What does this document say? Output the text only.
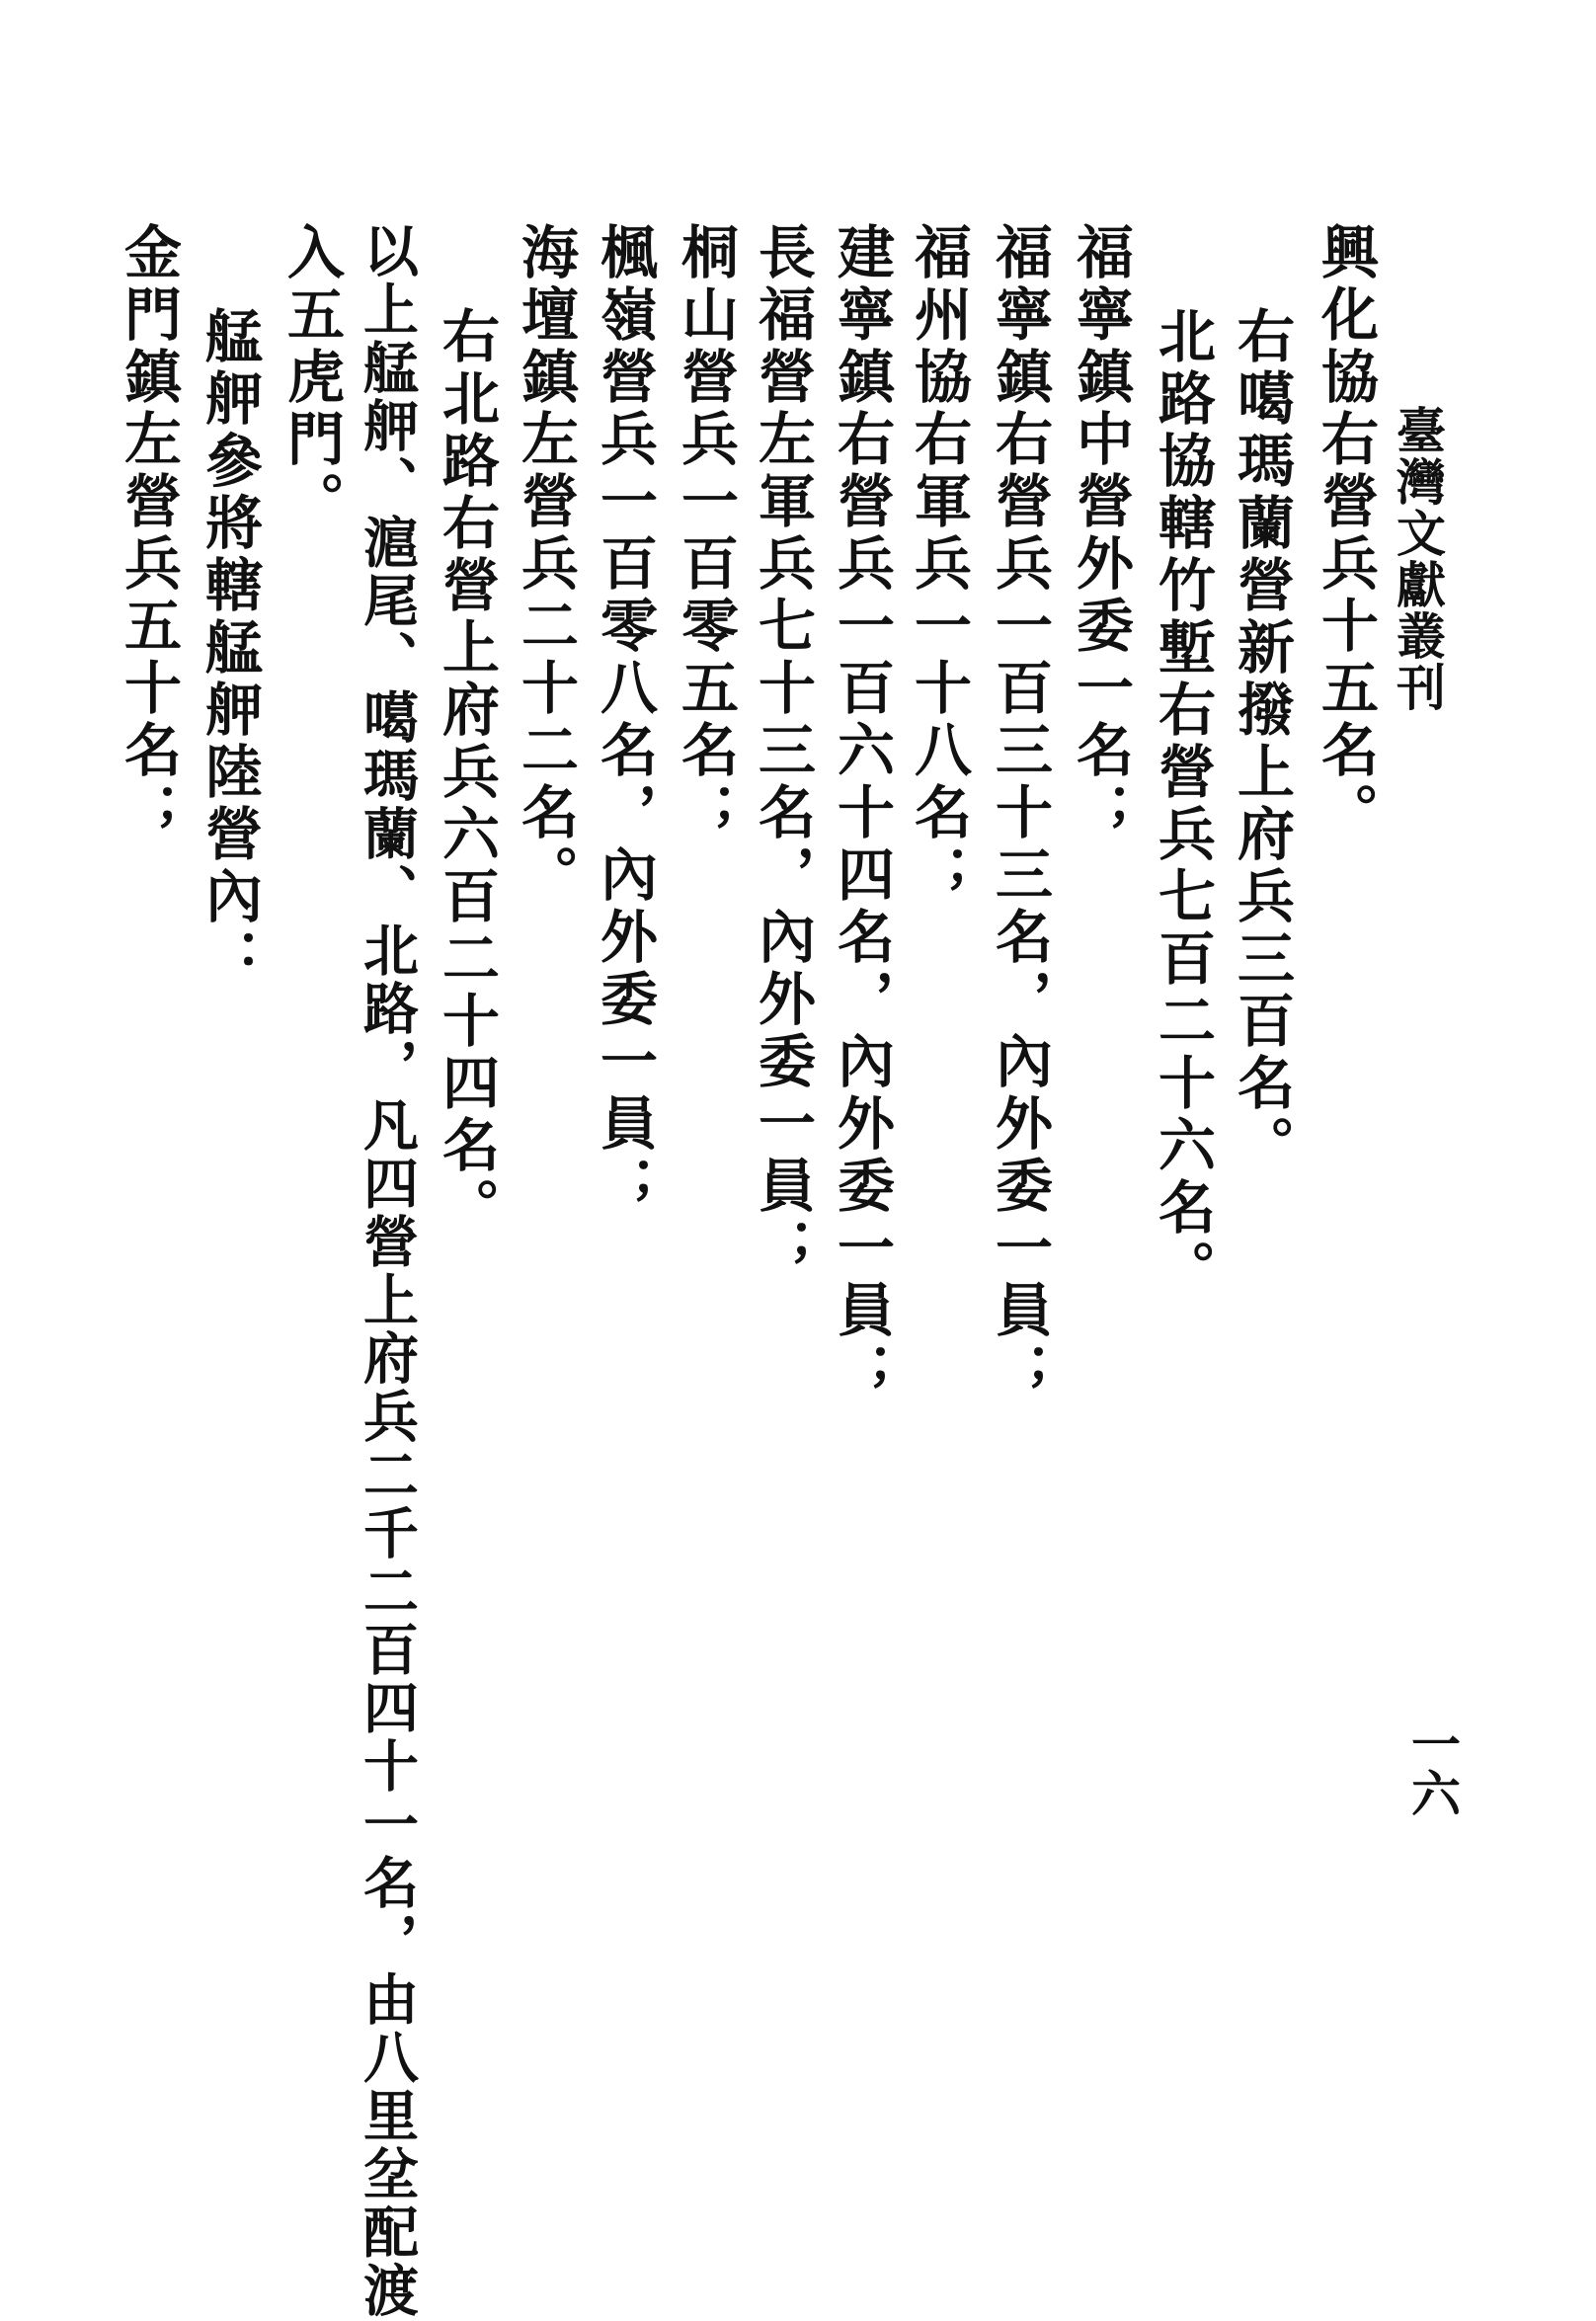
臺灣文獻叢刊
一六
興化協右營兵十五名。
右噶瑪蘭營新撥上府兵三百名。
北路協轄竹塹右營兵七百二十六名。
福寧鎮中營外委一名；
福寧鎮右營兵一百三十三名，內外委一員；
福州協右軍兵一十八名；
建寧鎮右營兵一百六十四名，內外委一員；
長福營左軍兵七十三名，內外委一員；
桐山營兵一百零五名；
楓嶺營兵一百零八名，內外委一員；
海壇鎮左營兵二十二名。
右北路右營上府兵六百二十四名。
以上艋舺、滬尾、噶瑪蘭、北路，凡四營上府兵二千二百四十一名，由八里坌配渡
入五虎門。
艋舺參將轄艋舺陸營內：
金門鎮左營兵五十名；
